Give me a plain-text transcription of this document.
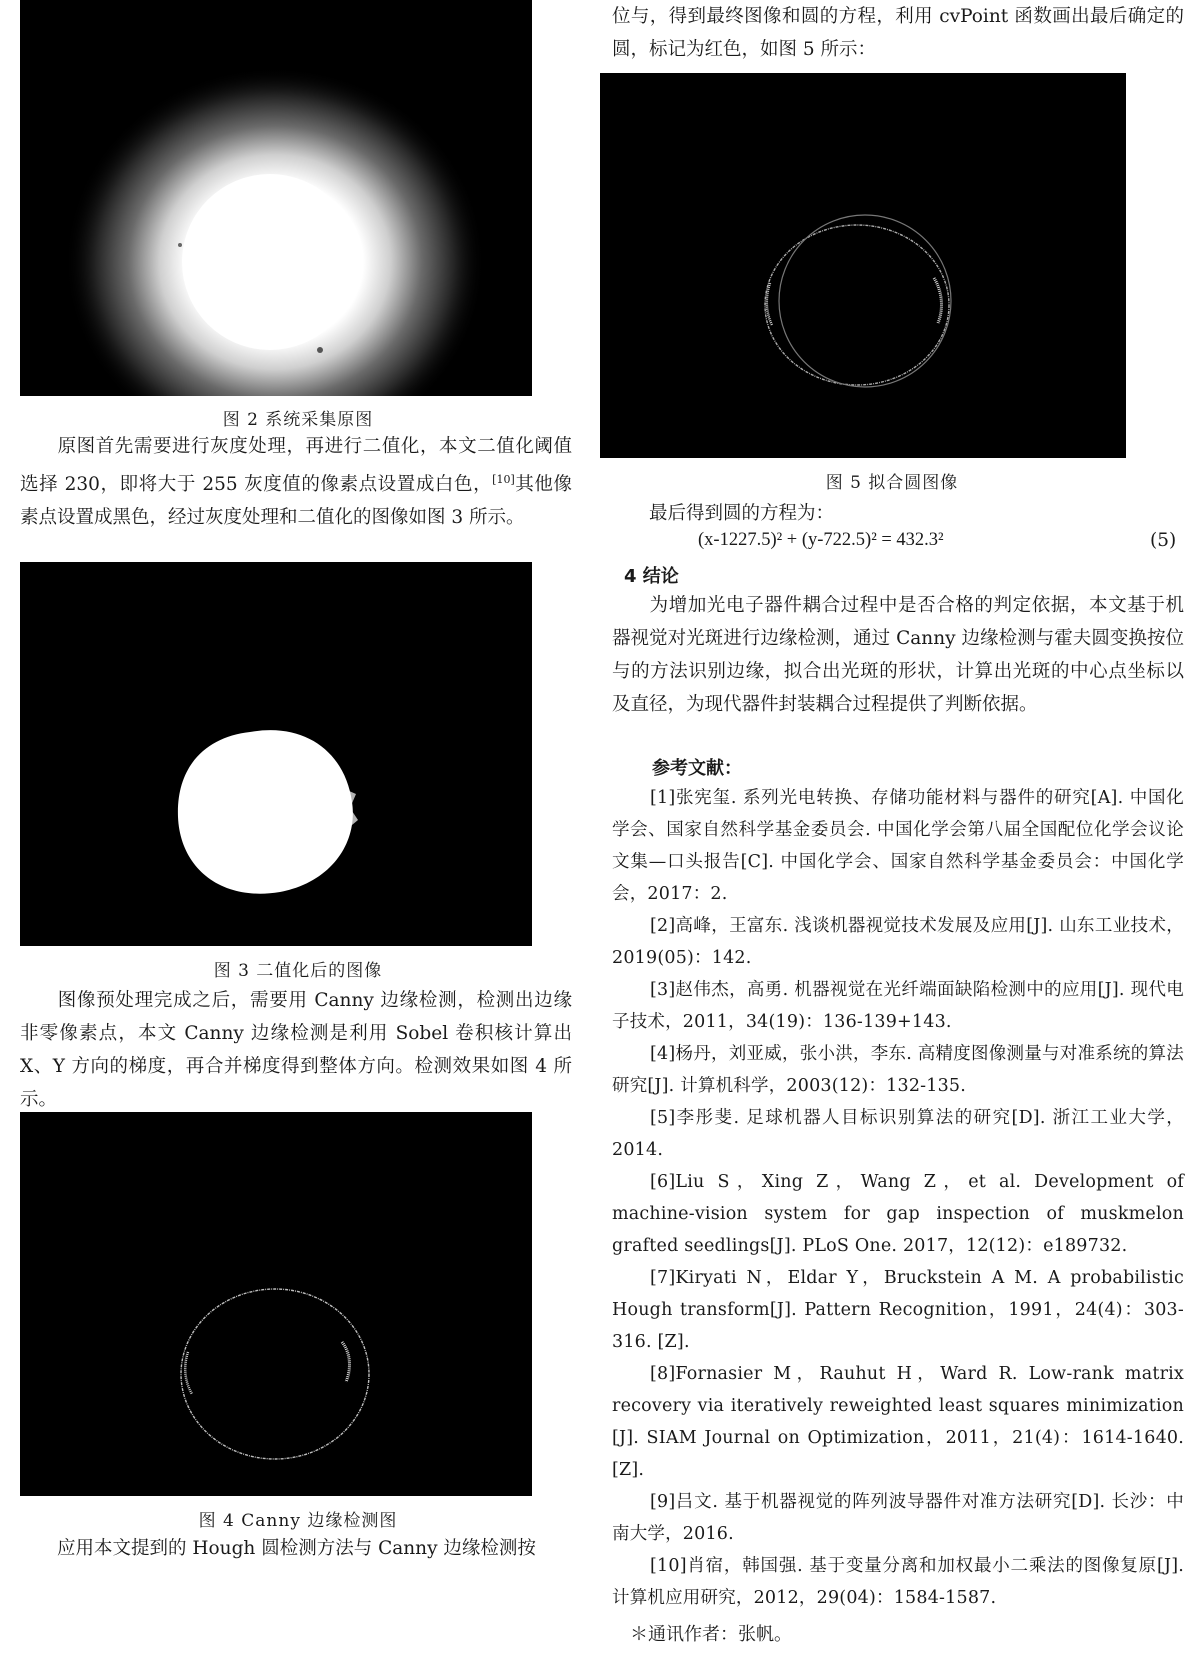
图 2 系统采集原图
原图首先需要进行灰度处理，再进行二值化，本文二值化阈值选择 230，即将大于 255 灰度值的像素点设置成白色，[10]其他像素点设置成黑色，经过灰度处理和二值化的图像如图 3 所示。
图 3 二值化后的图像
图像预处理完成之后，需要用 Canny 边缘检测，检测出边缘非零像素点，本文 Canny 边缘检测是利用 Sobel 卷积核计算出 X、Y 方向的梯度，再合并梯度得到整体方向。检测效果如图 4 所示。
图 4 Canny 边缘检测图
应用本文提到的 Hough 圆检测方法与 Canny 边缘检测按
位与，得到最终图像和圆的方程，利用 cvPoint 函数画出最后确定的圆，标记为红色，如图 5 所示：
图 5 拟合圆图像
最后得到圆的方程为：
(x-1227.5)² + (y-722.5)² = 432.3²	(5)
4 结论
为增加光电子器件耦合过程中是否合格的判定依据，本文基于机器视觉对光斑进行边缘检测，通过 Canny 边缘检测与霍夫圆变换按位与的方法识别边缘，拟合出光斑的形状，计算出光斑的中心点坐标以及直径，为现代器件封装耦合过程提供了判断依据。
参考文献：
[1]张宪玺. 系列光电转换、存储功能材料与器件的研究[A]. 中国化学会、国家自然科学基金委员会. 中国化学会第八届全国配位化学会议论文集—口头报告[C]. 中国化学会、国家自然科学基金委员会：中国化学会，2017：2.
[2]高峰，王富东. 浅谈机器视觉技术发展及应用[J]. 山东工业技术，2019(05)：142.
[3]赵伟杰，高勇. 机器视觉在光纤端面缺陷检测中的应用[J]. 现代电子技术，2011，34(19)：136-139+143.
[4]杨丹，刘亚威，张小洪，李东. 高精度图像测量与对准系统的算法研究[J]. 计算机科学，2003(12)：132-135.
[5]李彤斐. 足球机器人目标识别算法的研究[D]. 浙江工业大学，2014.
[6]Liu S，Xing Z，Wang Z，et al. Development of machine-vision system for gap inspection of muskmelon grafted seedlings[J]. PLoS One. 2017，12(12)：e189732.
[7]Kiryati N，Eldar Y，Bruckstein A M. A probabilistic Hough transform[J]. Pattern Recognition，1991，24(4)：303-316. [Z].
[8]Fornasier M，Rauhut H，Ward R. Low-rank matrix recovery via iteratively reweighted least squares minimization [J]. SIAM Journal on Optimization，2011，21(4)：1614-1640. [Z].
[9]吕文. 基于机器视觉的阵列波导器件对准方法研究[D]. 长沙：中南大学，2016.
[10]肖宿，韩国强. 基于变量分离和加权最小二乘法的图像复原[J]. 计算机应用研究，2012，29(04)：1584-1587.
＊通讯作者：张帆。
